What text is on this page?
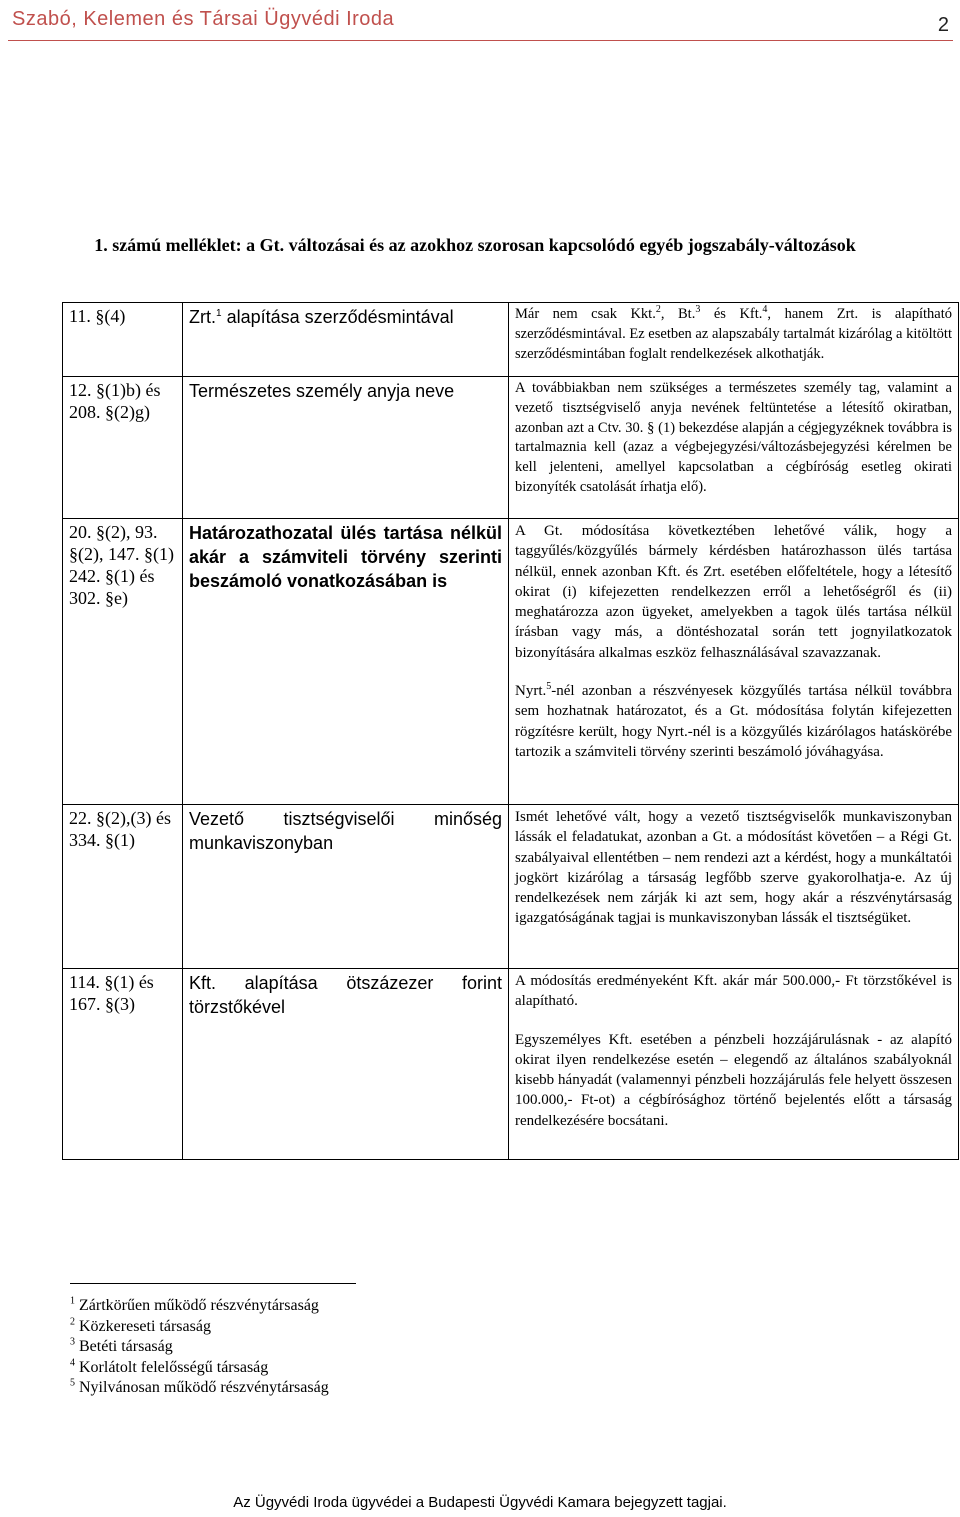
Szabó, Kelemen és Társai Ügyvédi Iroda	2
1. számú melléklet: a Gt. változásai és az azokhoz szorosan kapcsolódó egyéb jogszabály-változások
11. §(4)	Zrt.$^1$ alapítása szerződésmintával	Már nem csak Kkt.$^2$, Bt.$^3$ és Kft.$^4$, hanem Zrt. is alapítható szerződésmintával. Ez esetben az alapszabály tartalmát kizárólag a kitöltött szerződésmintában foglalt rendelkezések alkothatják.
12. §(1)b) és 208. §(2)g)	Természetes személy anyja neve	A továbbiakban nem szükséges a természetes személy tag, valamint a vezető tisztségviselő anyja nevének feltüntetése a létesítő okiratban, azonban azt a Ctv. 30. § (1) bekezdése alapján a cégjegyzéknek továbbra is tartalmaznia kell (azaz a végbejegyzési/változásbejegyzési kérelmen be kell jelenteni, amellyel kapcsolatban a cégbíróság esetleg okirati bizonyíték csatolását írhatja elő).
20. §(2), 93. §(2), 147. §(1) 242. §(1) és 302. §e)	Határozathozatal ülés tartása nélkül akár a számviteli törvény szerinti beszámoló vonatkozásában is	A Gt. módosítása következtében lehetővé válik, hogy a taggyűlés/közgyűlés bármely kérdésben határozhasson ülés tartása nélkül, ennek azonban Kft. és Zrt. esetében előfeltétele, hogy a létesítő okirat (i) kifejezetten rendelkezzen erről a lehetőségről és (ii) meghatározza azon ügyeket, amelyekben a tagok ülés tartása nélkül írásban vagy más, a döntéshozatal során tett jognyilatkozatok bizonyítására alkalmas eszköz felhasználásával szavazzanak.
Nyrt.$^5$-nél azonban a részvényesek közgyűlés tartása nélkül továbbra sem hozhatnak határozatot, és a Gt. módosítása folytán kifejezetten rögzítésre került, hogy Nyrt.-nél is a közgyűlés kizárólagos hatáskörébe tartozik a számviteli törvény szerinti beszámoló jóváhagyása.

22. §(2),(3) és 334. §(1)	Vezető tisztségviselői minőség munkaviszonyban	Ismét lehetővé vált, hogy a vezető tisztségviselők munkaviszonyban lássák el feladatukat, azonban a Gt. a módosítást követően – a Régi Gt. szabályaival ellentétben – nem rendezi azt a kérdést, hogy a munkáltatói jogkört kizárólag a társaság legfőbb szerve gyakorolhatja-e. Az új rendelkezések nem zárják ki azt sem, hogy akár a részvénytársaság igazgatóságának tagjai is munkaviszonyban lássák el tisztségüket.
114. §(1) és 167. §(3)	Kft. alapítása ötszázezer forint törzstőkével	A módosítás eredményeként Kft. akár már 500.000,- Ft törzstőkével is alapítható.
Egyszemélyes Kft. esetében a pénzbeli hozzájárulásnak - az alapító okirat ilyen rendelkezése esetén – elegendő az általános szabályoknál kisebb hányadát (valamennyi pénzbeli hozzájárulás fele helyett összesen 100.000,- Ft-ot) a cégbírósághoz történő bejelentés előtt a társaság rendelkezésére bocsátani.
$^1$ Zártkörűen működő részvénytársaság
$^2$ Közkereseti társaság
$^3$ Betéti társaság
$^4$ Korlátolt felelősségű társaság
$^5$ Nyilvánosan működő részvénytársaság
Az Ügyvédi Iroda ügyvédei a Budapesti Ügyvédi Kamara bejegyzett tagjai.
